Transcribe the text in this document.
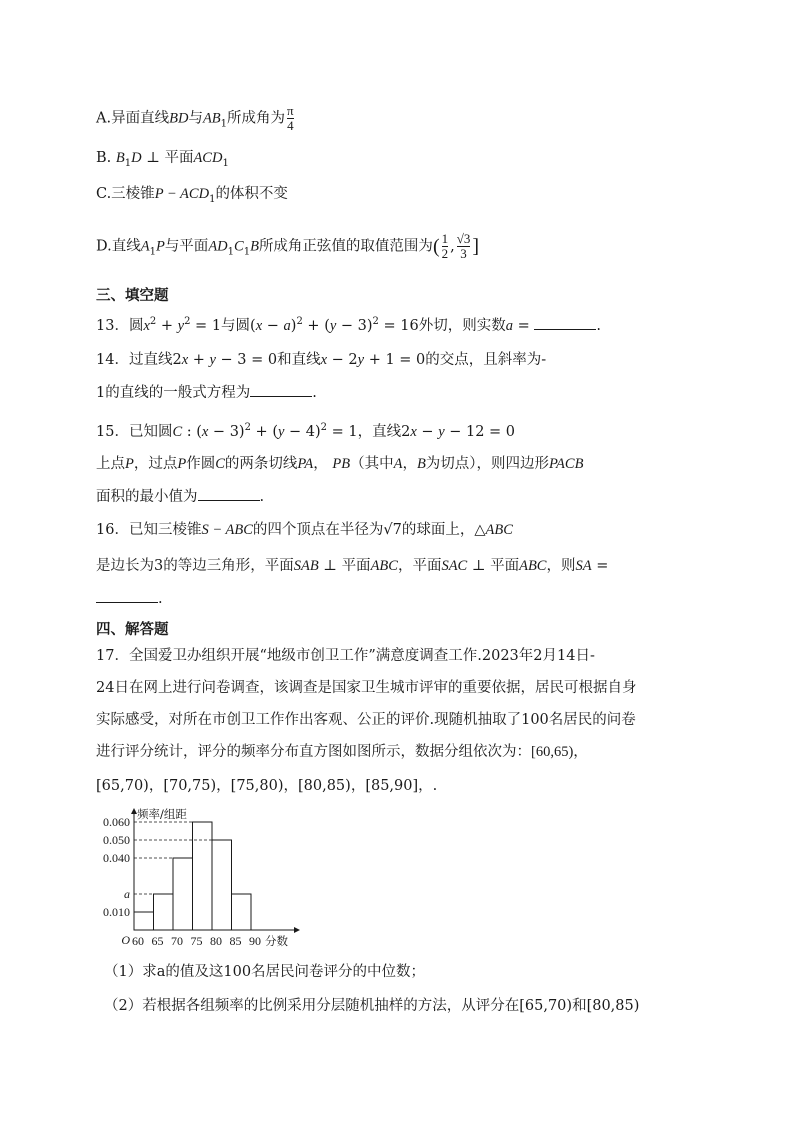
A.异面直线BD与$AB_1$所成角为 $\frac{\pi}{4}$
B. $B_1D$ ⊥ 平面$ACD_1$
C.三棱锥$P - ACD_1$的体积不变
D.直线$A_1P$与平面$AD_1C_1B$所成角正弦值的取值范围为( $\frac{1}{2}$ , $\frac{√3}{3}$ ]
三、填空题
13．圆$x^2 + y^2 = 1$与圆$(x - a)^2 + (y - 3)^2 = 16$外切，则实数a =	.
14．过直线2x + y − 3 = 0和直线x − 2y + 1 = 0的交点，且斜率为-
1的直线的一般式方程为	.
15．已知圆C : $(x - 3)^2 + (y - 4)^2 = 1$，直线2x − y − 12 = 0
上点P，过点P作圆C的两条切线PA， PB（其中A，B为切点），则四边形PACB
面积的最小值为	.
16．已知三棱锥S − ABC的四个顶点在半径为√7的球面上，△ABC
是边长为3的等边三角形，平面SAB ⊥ 平面ABC，平面SAC ⊥ 平面ABC，则SA =
.
四、解答题
17．全国爱卫办组织开展“地级市创卫工作”满意度调查工作.2023年2月14日-
24日在网上进行问卷调查，该调查是国家卫生城市评审的重要依据，居民可根据自身
实际感受，对所在市创卫工作作出客观、公正的评价.现随机抽取了100名居民的问卷
进行评分统计，评分的频率分布直方图如图所示，数据分组依次为：[60,65)，
[65,70)，[70,75)，[75,80)，[80,85)，[85,90]，.
频率/组距
0.060
0.050
0.040
a
0.010
O 60 65 70 75 80 85 90 分数
（1）求a的值及这100名居民问卷评分的中位数；
（2）若根据各组频率的比例采用分层随机抽样的方法，从评分在[65,70)和[80,85)
